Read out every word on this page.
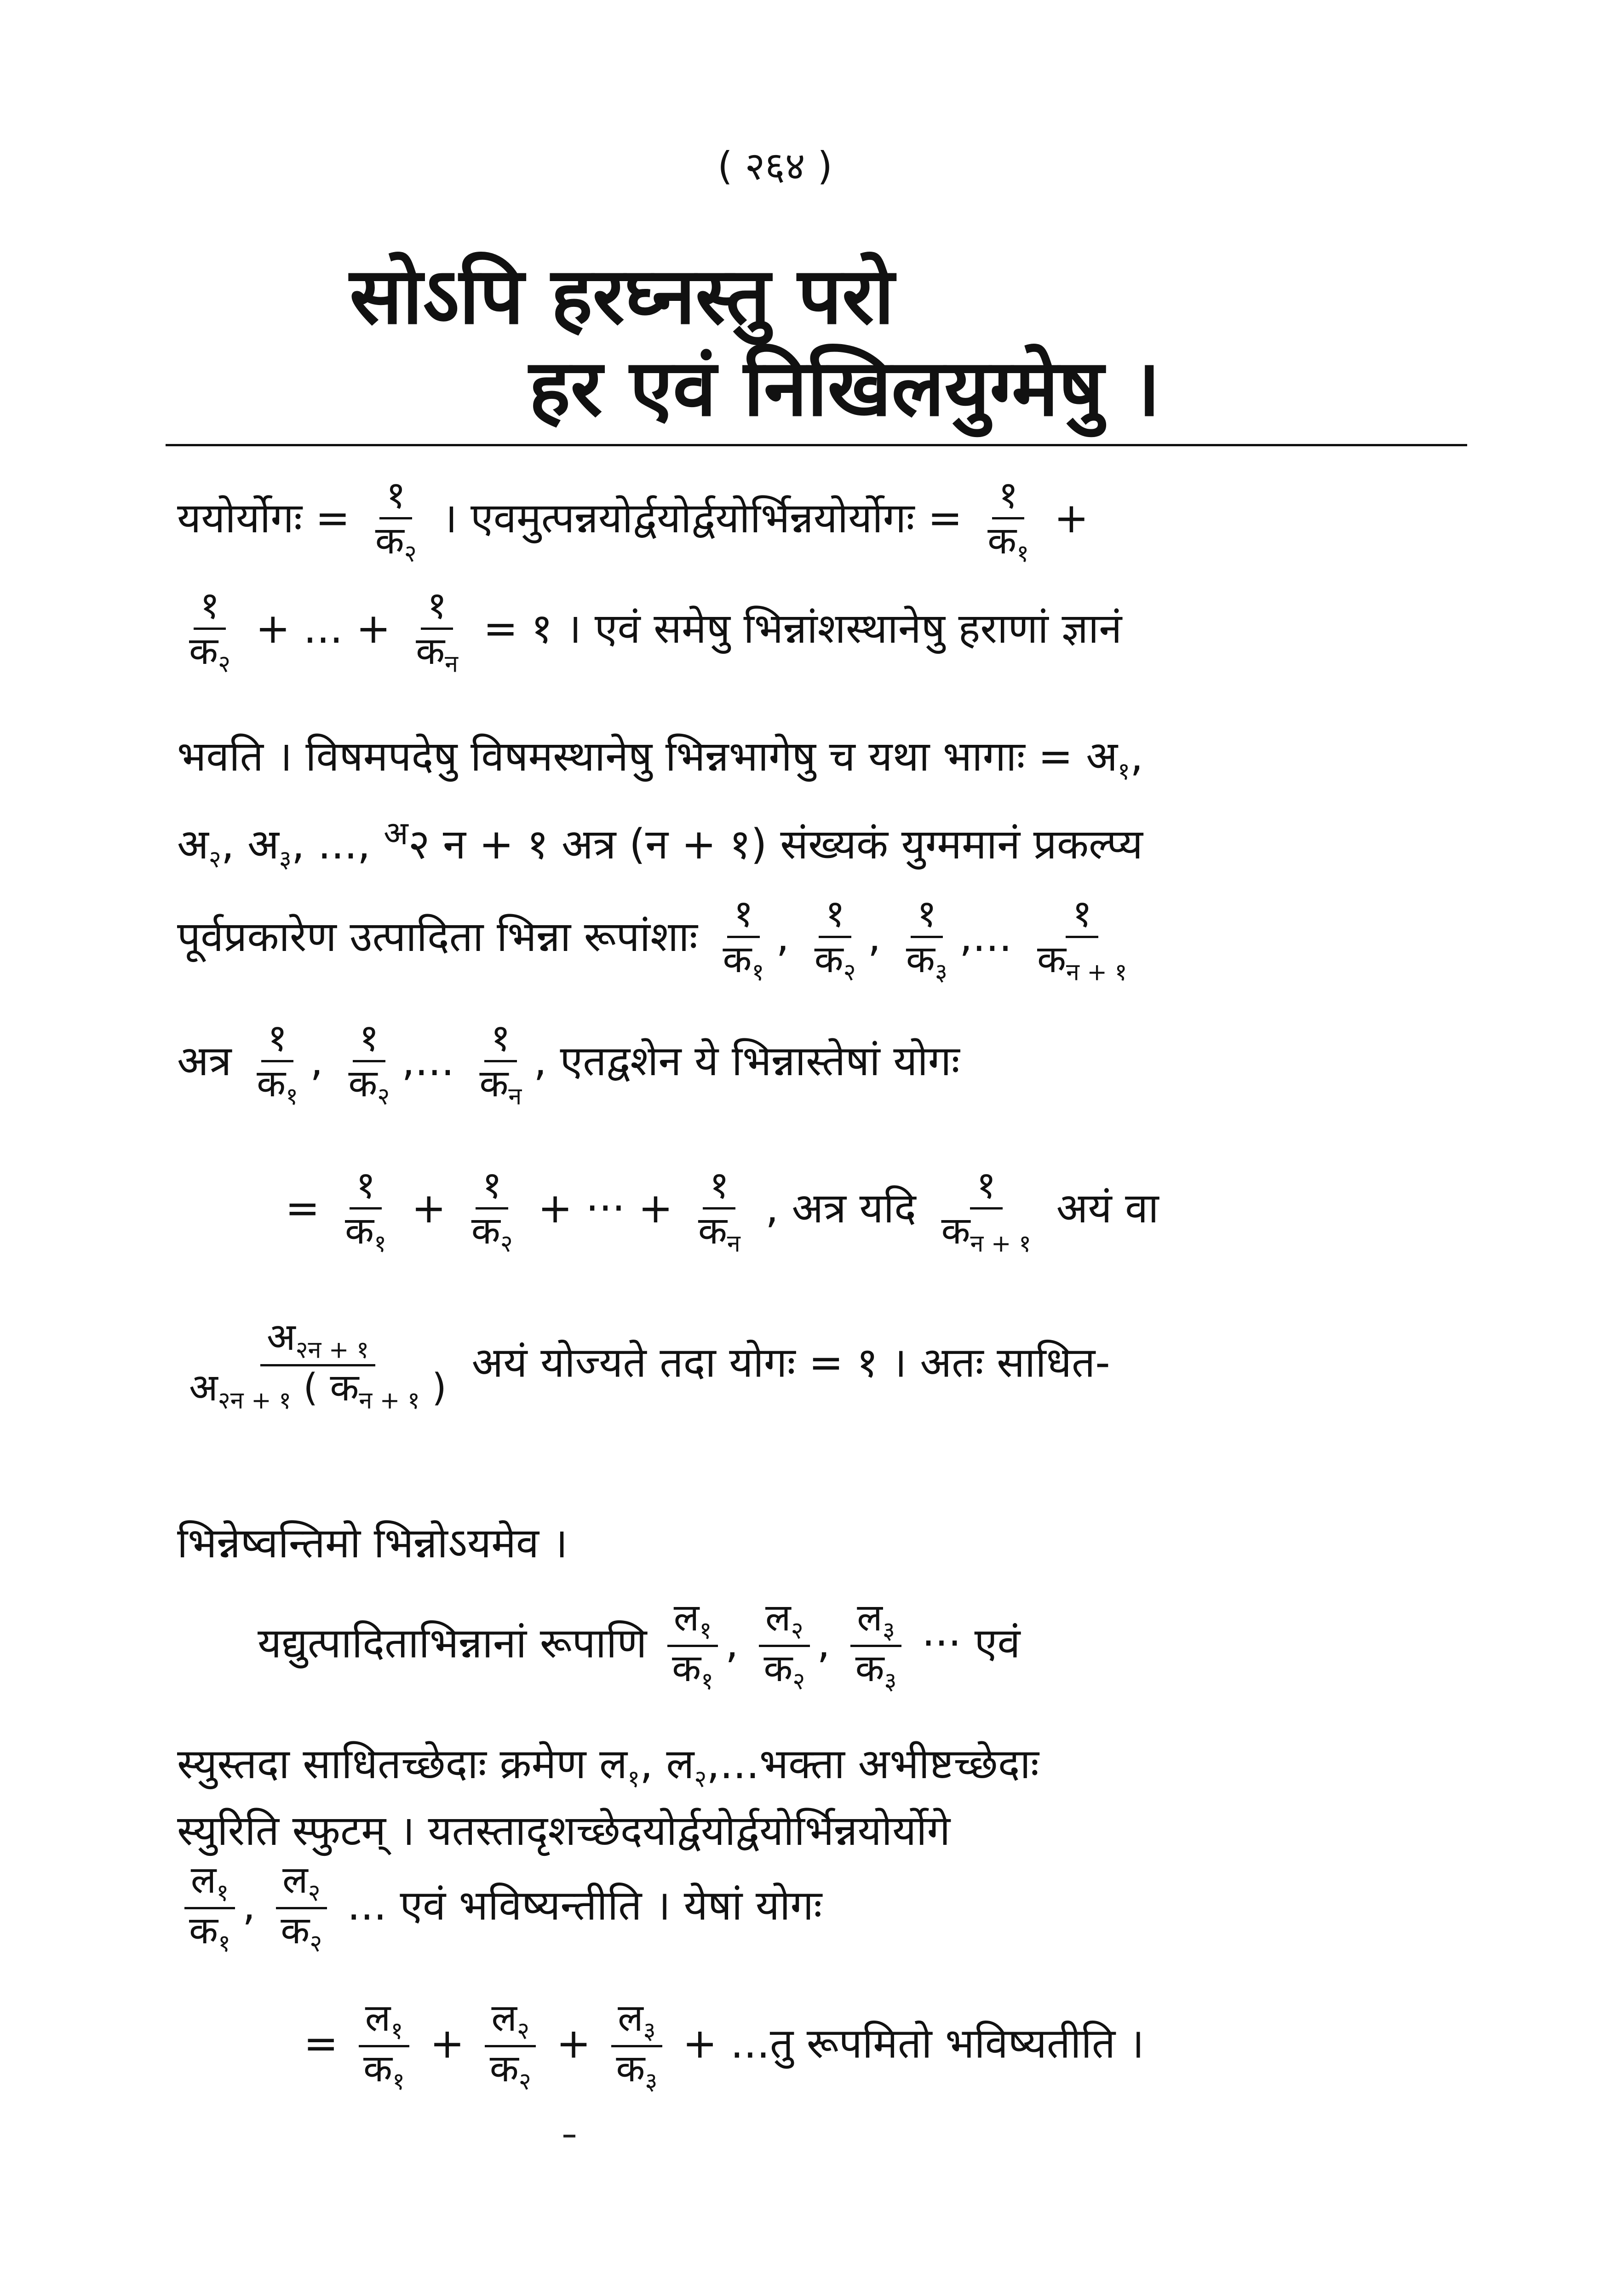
( २६४ )
सोऽपि हरघ्नस्तु परो
हर एवं निखिलयुग्मेषु ।
ययोर्योगः = $\frac{१}{क_२}$ । एवमुत्पन्नयोर्द्वयोर्द्वयोर्भिन्नयोर्योगः = $\frac{१}{क_१}$ +
$\frac{१}{क_२}$ + ... + $\frac{१}{क_न}$ = १ । एवं समेषु भिन्नांशस्थानेषु हराणां ज्ञानं
भवति । विषमपदेषु विषमस्थानेषु भिन्नभागेषु च यथा भागाः = अ$_१$,
अ$_२$, अ$_३$, ..., $^अ$२ न + १ अत्र (न + १) संख्यकं युग्ममानं प्रकल्प्य
पूर्वप्रकारेण उत्पादिता भिन्ना रूपांशाः $\frac{१}{क_१}$ , $\frac{१}{क_२}$ , $\frac{१}{क_३}$ ,... $\frac{१}{क_{न + १}}$
अत्र $\frac{१}{क_१}$ , $\frac{१}{क_२}$ ,... $\frac{१}{क_न}$ , एतद्वशेन ये भिन्नास्तेषां योगः
= $\frac{१}{क_१} + \frac{१}{क_२}$ + ··· + $\frac{१}{क_न}$ , अत्र यदि $\frac{१}{क_{न + १}}$ अयं वा
$\frac{अ_{२न + १}}{अ_{२न + १} ( क_{न + १} )}$ अयं योज्यते तदा योगः = १ । अतः साधित-
भिन्नेष्वन्तिमो भिन्नोऽयमेव ।
यद्युत्पादिताभिन्नानां रूपाणि $\frac{ल_१}{क_१}$ , $\frac{ल_२}{क_२}$ , $\frac{ल_३}{क_३}$ ··· एवं
स्युस्तदा साधितच्छेदाः क्रमेण ल$_१$, ल$_२$,...भक्ता अभीष्टच्छेदाः
स्युरिति स्फुटम् । यतस्तादृशच्छेदयोर्द्वयोर्द्वयोर्भिन्नयोर्योगे
$\frac{ल_१}{क_१}$ , $\frac{ल_२}{क_२}$ ... एवं भविष्यन्तीति । येषां योगः
= $\frac{ल_१}{क_१} + \frac{ल_२}{क_२} + \frac{ल_३}{क_३}$ + ...तु रूपमितो भविष्यतीति ।
